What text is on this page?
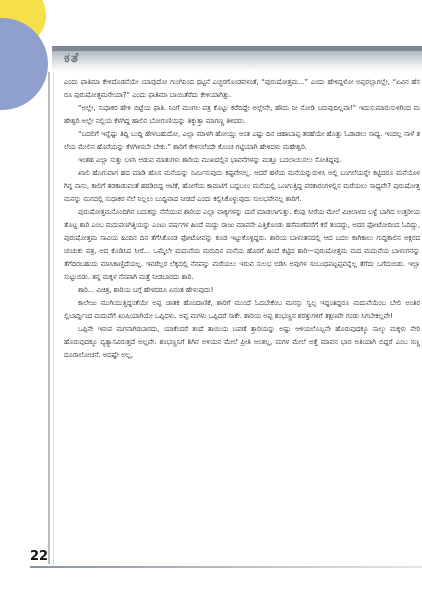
ಕತೆ

ಎಂದು ಫಾತಿಮಾ ಕೇಳಿದೊಡನೆಯೇ ಯಾವುದೋ ಗುಂಗಿನಿಂದ ಥಟ್ಟನೆ ಎಚ್ಚರಗೊಂಡವಳಂತೆ, “ಪುರುಷೋತ್ತಮ...” ಎಂದು ಹೇಳಿದ್ದಳೋ ಅಪ್ಪರಲ್ಲಾಗಲ್ಲೇ, “ಏವಿನ ಹೆಸರೂ ಪುರುಷೋತ್ತಮನೇಯಾ?” ಎಂದು ಫಾತಿಮಾ ಬಾಯಿತೆರೆದು ಕೇಳಿಯಾಗಿತ್ತು.

“ಅಲ್ಲೇ, ಸುಧಾಕರ ಹೇಳಿ ಬಿಟ್ಟೆಯ ಫಾತಿ. ನಿಂಗೆ ಮಂಗಲ ಪತ್ರ ಕೊಟ್ಟು ಕರೆದಿದ್ದೇ ಅಲ್ಲೇನೇ, ಹೌದು ನೀ ನೋಡಿ ಬರುವುದಿಲ್ಲವಾ!” ಇದುಸುಮಾರುಸುಳಿಗಿಂದ ಮಹೇಶ್ವರಿ ಅಲ್ಲೇ ನಲ್ಲಿಯ ಕೆಳಗಿದ್ದ ಹಾಲಿನ ಬೋಗುಣಿಯನ್ನು ತಿಕ್ಕುತ್ತಾ ಮಾಗಣ್ಣ ತಿಳಿದರು.

“ಬದಲಿಗೆ ಇನ್ನೆಷ್ಟು ತಿದ್ದಿ ಬುದ್ದಿ ಹೇಳಬಹುದೋ, ಎಲ್ಲಾ ಮಾಳಗಿ ಹೋಯ್ತು ಅಂತ ಎಷ್ಟು ದಿನ ಚಿಹಾಬಾಪ್ಪ ತರಹೆಯೇ ಹೊತ್ತು ಓಡಾಡಲು ಸಾಧ್ಯ. ಇಂದಲ್ಲ ನಾಳೆ ತಲೆಯ ಮೇಲಿನ ಹೊರೆಯನ್ನು ಕೆಳಗಿಳಿಸಬೇ ಬೇಕು.” ಶಾರಿಗೆ ಕೇಳಿಸಲೆಂದೇ ಕೊಂಚ ಗಟ್ಟಿಯಾಗಿ ಹೇಳಿದಳು ಮಹೇಶ್ವರಿ.

ಇಂತಹ ಎಲ್ಲಾ ಸುತ್ತು ಬಳಸಿ ಆಡುವ ಮಾತುಗಳು ಶಾರಿಯ ಮುಖದಲ್ಲಿನ ಭಾವನೆಗಳನ್ನು ಮತ್ತೂ ಬದಲಾಯಿಸಲು ಸೋತಿದ್ದವು.

ಖಾಲಿ ಹೊಗುವಾಗ ಹದ ಮಾಡಿ ಹೊಸ ಮನೆಯನ್ನು ನಿರ್ಮಿಸುವುದು ಕಷ್ಟವೇನಲ್ಲ. ಆದರೆ ಹಳೆಯ ಮನೆಯನ್ನುರುಳಿಸಿ ಅಲ್ಲಿ ಬಂಗಲೆಯನ್ನೇ ಕಟ್ಟಿದರೂ ಮನೆಯೊಳಗಿನ್ನ ನಾನು, ಕಾಲಿಗೆ ತಡಕಾಡುವಂತೆ ಹರಡಿಬಿದ್ದ ಆಟಿಕೆ, ಹೋಗೆಯ ಕಾಮಟಿಗೆ ಬದ್ದಬಲು ಮನೆಯಲ್ಲಿ ಒಣಗುತ್ತಿದ್ದ ಪರಕಾರಂಗಳಲ್ಲಿನ ಮರೆಯಲು ಸಾಧ್ಯವೇ? ಪುರುಷೋತ್ತಮನನ್ನು ಮನದಲ್ಲಿ ಸುಧಾಕರ ನೆಲೆ ನಿಲ್ಲಲು ಬುದ್ದಿವಾದ ನೀಡದೆ ಎಂದು ಕಲ್ಪಿಸಿಕೊಳ್ಳುವುದು ಸುಲಭವೇನಲ್ಲ ಶಾರಿಗೆ.

ಪುರುಷೋತ್ತಮನೊಂದಿಗಿನ ಬದುಕನ್ನು ನೆನೆಯುವ ಶಾರಿಯ ಎಲ್ಲಾ ವಾಕ್ಯಗಳನ್ನು ಮರೆ ಮಾಡಲಾಗುತ್ತು. ಕೆಂಪು ಸೀರೆಯ ಮೇಲೆ ವಿಚಿಲಾಳದ ಬಳ್ಳೆ ಬಾಗಿದ ಉತ್ತರೀಯ ತೊಟ್ಟ ಶಾರಿ ಎಂಬ ಮದುವಣಗಿತ್ತಿಯನ್ನು ಎಂಟು ವರ್ಷಗಳ ಹಿಂದೆ ಮದ್ದು ರಾಜು ಮಾವನೇ ಎತ್ತಿಕೊಂಡು ಹಸೆಮಣೆವರೆಗೆ ಕರೆ ತಂದದ್ದು, ಅದರ ಫೋಟೋದಿಂದ ಓದಿದ್ದು, ಪುರುಷೋತ್ತಮ ಸಾವಿಯ ಹಿಂದಿನ ದಿನ ತೆಗೆಸಿಕೊಂಡ ಫೋಟೋವನ್ನು ಕೂಡ ಇಟ್ಟುಕೊಳ್ಳಿದ್ದರು. ಶಾರಿಯ ಬಾಳಂತನದಲ್ಲಿ ಆದ ಬದಲ ಕಾಗಿಕಾಲು ಗುದ್ದಿಕಾಲಿನ ಅಕ್ಷರದ ಚುಚುಕು ಪತ್ರ, ಅದ ಕೊಡಿಸಿದ ಸೀರೆ... ಒಮ್ಮೆಲೇ ಮದುವೆಯ ಮರುದಿನ ಮನೆಯ ಹೊರಗೆ ಹಿಂದೆ ಕಟ್ಟಿದ ಶಾರಿ—ಪುರುಷೋತ್ತಮ ಮದ ಮದುವೆಯ ಬಾಳಂಗನನ್ನು ತೆಗೆದಿರಬಹುದು ಮಾಸಿಕಾಣ್ತಿದೆಯಲ್ಲ. ಇವರೆಲ್ಲರ ಲೆಕ್ಕದಲ್ಲಿ ನೆನಪನ್ನು ಮರೆಯಲು ಇರುವ ಸುಲಭ ಬಿಡಿಸಿ ಅವುಗಳ ಸಂಬಂಧಪಟ್ಟಪ್ಪವನ್ನೆಲ್ಲ ತೆಗೆದು ಒಗೆದುಬಿಡು. ಇಲ್ಲಾ ಸುಟ್ಟುಬಿಡು. ತನ್ನ ಮಕ್ಕಳ ನೆನಪಾಗಿ ಮತ್ತೆ ನೀಡಬಾರದು ಶಾರಿ.

ಶಾರಿ... ವಿಚಿತ್ರ, ಶಾರಿಯ ಬಗ್ಗೆ ಹೇಳದರೂ ಏನಂತ ಹೇಳುವುದು!

ಕಾಲೇಜು ಮುಗಿಯುತ್ತಿದ್ದಂತೆಯೇ ಅಪ್ಪ ಜಾತಕ ಹೊಂದಾಣಿಕೆ, ಶಾರಿಗೆ ಮುಂದೆ ಓದಬೇಕೆಂಬ ಮನಸ್ಸು ಸ್ವಲ್ಪ ಇದ್ದಂತಿದ್ದರೂ ಮದುವೆಯೆಂಬ ಬೇಲಿ ಅಂತಿರಲ್ಲಿಬಾರ್ದ್ದಿಂದ ಮದುವೆಗೆ ಖುಷಿಯಾಗಿಯೇ ಒಪ್ಪಿದಳು. ಅಪ್ಪ ಮಗಳು ಒಪ್ಪಿದರೆ ಸಾಕೇ. ಶಾರಿಯ ಅಪ್ಪ ಶಂಭಣ್ಣನ ಶರತ್ತುಗಳಿಗೆ ತಕ್ಷಣವೇ ಗಂಡು ಸಿಗಬೇಕಲ್ಲವೇ!

ಒಪ್ಪಿನೇ ಇರುವ ಮಗನಾಗಿರಬಾರದು, ಯಾಕೆಂದರೆ ತಂದೆ ತಾಯಿಯ ಬವಣೆ ತ್ತಾರಿಯನ್ನು ಅಷ್ಟು ಆಳಿಯಲೊಬ್ಬನೇ ಹೊರುವುದಕ್ಕೂ ನಾಲ್ಕು ಮಕ್ಕಳು ನೇರಿ ಹೊರುವುದಕ್ಕೂ ವ್ಯತ್ಯಾಸವಿರುತ್ತದೆ ಅಲ್ಲವೇ. ಶಂಭಣ್ಣನಿಗೆ ಶಿಗಿನ ಅಳಿಯನ ಮೇಲೆ ಪ್ರೀತಿ ಅಂತಲ್ಲ, ಮಗಳ ಮೇಲೆ ಅತ್ತೆ ಮಾವನ ಭಾರ ಅತಿಯಾಗಿ ಬಿದ್ದರೆ ಎಂಬ ಸಣ್ಣ ದೂರಾಲೋಚನೆ. ಅದಷ್ಟೇ ಅಲ್ಲ,

22
